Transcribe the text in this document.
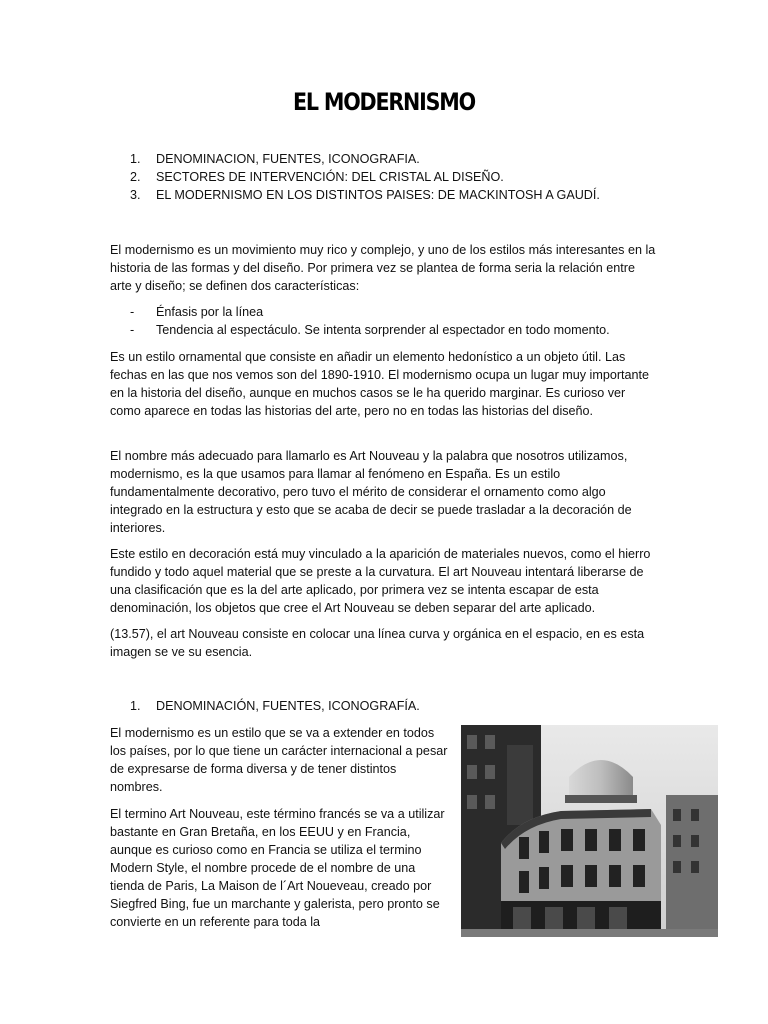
EL MODERNISMO
1.	DENOMINACION, FUENTES, ICONOGRAFIA.
2.	SECTORES DE INTERVENCIÓN: DEL CRISTAL AL DISEÑO.
3.	EL MODERNISMO EN LOS DISTINTOS PAISES: DE MACKINTOSH A GAUDÍ.

El modernismo es un movimiento muy rico y complejo, y uno de los estilos más interesantes en la historia de las formas y del diseño. Por primera vez se plantea de forma seria la relación entre arte y diseño; se definen dos características:

-	Énfasis por la línea
-	Tendencia al espectáculo. Se intenta sorprender al espectador en todo momento.

Es un estilo ornamental que consiste en añadir un elemento hedonístico a un objeto útil. Las fechas en las que nos vemos son del 1890-1910. El modernismo ocupa un lugar muy importante en la historia del diseño, aunque en muchos casos se le ha querido marginar. Es curioso ver como aparece en todas las historias del arte, pero no en todas las historias del diseño.

El nombre más adecuado para llamarlo es Art Nouveau y la palabra que nosotros utilizamos, modernismo, es la que usamos para llamar al fenómeno en España. Es un estilo fundamentalmente decorativo, pero tuvo el mérito de considerar el ornamento como algo integrado en la estructura y esto que se acaba de decir se puede trasladar a la decoración de interiores.

Este estilo en decoración está muy vinculado a la aparición de materiales nuevos, como el hierro fundido y todo aquel material que se preste a la curvatura. El art Nouveau intentará liberarse de una clasificación que es la del arte aplicado, por primera vez se intenta escapar de esta denominación, los objetos que cree el Art Nouveau se deben separar del arte aplicado.

(13.57), el art Nouveau consiste en colocar una línea curva y orgánica en el espacio, en es esta imagen se ve su esencia.

1.	DENOMINACIÓN, FUENTES, ICONOGRAFÍA.

El modernismo es un estilo que se va a extender en todos los países, por lo que tiene un carácter internacional a pesar de expresarse de forma diversa y de tener distintos nombres.

El termino Art Nouveau, este término francés se va a utilizar bastante en Gran Bretaña, en los EEUU y en Francia, aunque es curioso como en Francia se utiliza el termino Modern Style, el nombre procede de el nombre de una tienda de Paris, La Maison de l´Art Noueveau, creado por Siegfred Bing, fue un marchante y galerista, pero pronto se convierte en un referente para toda la
